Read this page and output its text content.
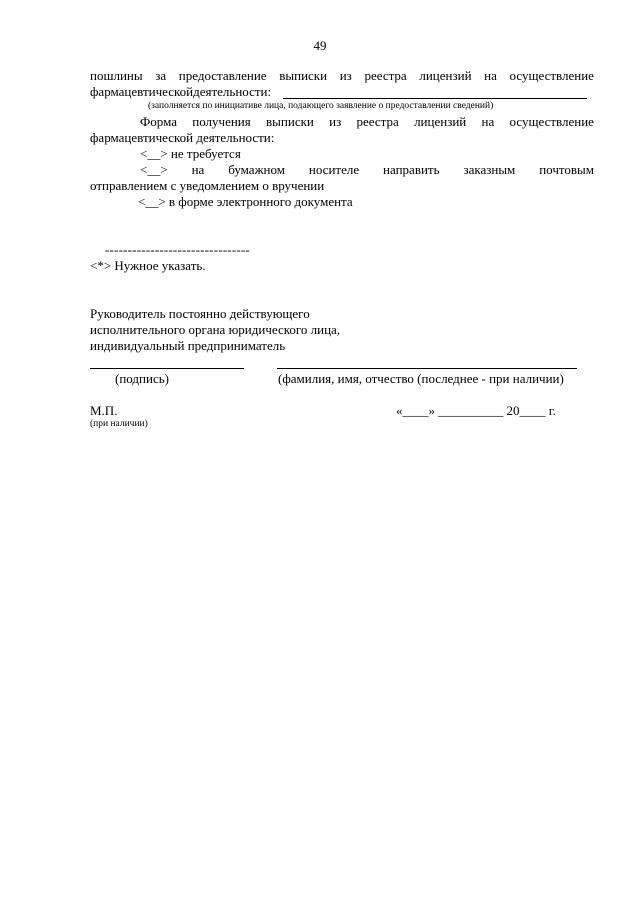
49
пошлины за предоставление выписки из реестра лицензий на осуществление
фармацевтическойдеятельности:
(заполняется по инициативе лица, подающего заявление о предоставлении сведений)
Форма получения выписки из реестра лицензий на осуществление
фармацевтической деятельности:
<__> не требуется
<__> на бумажном носителе направить заказным почтовым
отправлением с уведомлением о вручении
<__> в форме электронного документа
--------------------------------
<*> Нужное указать.
Руководитель постоянно действующего
исполнительного органа юридического лица,
индивидуальный предприниматель
(подпись)	(фамилия, имя, отчество (последнее - при наличии)
М.П.
(при наличии)
«____» __________ 20____ г.
